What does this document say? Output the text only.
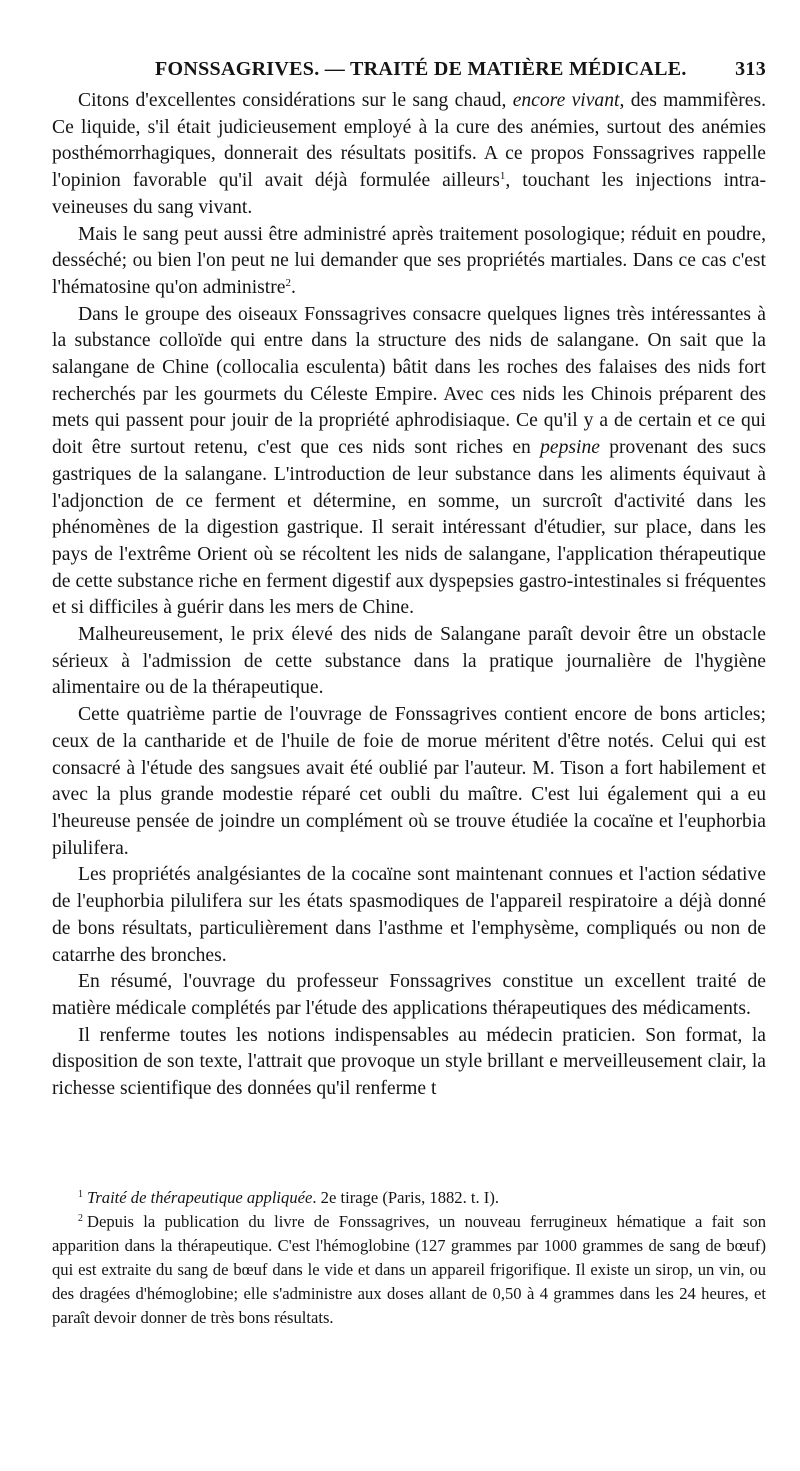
FONSSAGRIVES. — TRAITÉ DE MATIÈRE MÉDICALE. 313

Citons d'excellentes considérations sur le sang chaud, encore vivant, des mammifères. Ce liquide, s'il était judicieusement employé à la cure des anémies, surtout des anémies posthémorrhagiques, donnerait des résultats positifs. A ce propos Fonssagrives rappelle l'opinion favorable qu'il avait déjà formulée ailleurs$^1$, touchant les injections intra-veineuses du sang vivant.

Mais le sang peut aussi être administré après traitement posologique; réduit en poudre, desséché; ou bien l'on peut ne lui demander que ses propriétés martiales. Dans ce cas c'est l'hématosine qu'on administre$^2$.

Dans le groupe des oiseaux Fonssagrives consacre quelques lignes très intéressantes à la substance colloïde qui entre dans la structure des nids de salangane. On sait que la salangane de Chine (collocalia esculenta) bâtit dans les roches des falaises des nids fort recherchés par les gourmets du Céleste Empire. Avec ces nids les Chinois préparent des mets qui passent pour jouir de la propriété aphrodisiaque. Ce qu'il y a de certain et ce qui doit être surtout retenu, c'est que ces nids sont riches en pepsine provenant des sucs gastriques de la salangane. L'introduction de leur substance dans les aliments équivaut à l'adjonction de ce ferment et détermine, en somme, un surcroît d'activité dans les phénomènes de la digestion gastrique. Il serait intéressant d'étudier, sur place, dans les pays de l'extrême Orient où se récoltent les nids de salangane, l'application thérapeutique de cette substance riche en ferment digestif aux dyspepsies gastro-intestinales si fréquentes et si difficiles à guérir dans les mers de Chine.

Malheureusement, le prix élevé des nids de Salangane paraît devoir être un obstacle sérieux à l'admission de cette substance dans la pratique journalière de l'hygiène alimentaire ou de la thérapeutique.

Cette quatrième partie de l'ouvrage de Fonssagrives contient encore de bons articles; ceux de la cantharide et de l'huile de foie de morue méritent d'être notés. Celui qui est consacré à l'étude des sangsues avait été oublié par l'auteur. M. Tison a fort habilement et avec la plus grande modestie réparé cet oubli du maître. C'est lui également qui a eu l'heureuse pensée de joindre un complément où se trouve étudiée la cocaïne et l'euphorbia pilulifera.

Les propriétés analgésiantes de la cocaïne sont maintenant connues et l'action sédative de l'euphorbia pilulifera sur les états spasmodiques de l'appareil respiratoire a déjà donné de bons résultats, particulièrement dans l'asthme et l'emphysème, compliqués ou non de catarrhe des bronches.

En résumé, l'ouvrage du professeur Fonssagrives constitue un excellent traité de matière médicale complétés par l'étude des applications thérapeutiques des médicaments.

Il renferme toutes les notions indispensables au médecin praticien. Son format, la disposition de son texte, l'attrait que provoque un style brillant e merveilleusement clair, la richesse scientifique des données qu'il renferme t

$^1$ Traité de thérapeutique appliquée. 2e tirage (Paris, 1882. t. I).

$^2$ Depuis la publication du livre de Fonssagrives, un nouveau ferrugineux hématique a fait son apparition dans la thérapeutique. C'est l'hémoglobine (127 grammes par 1000 grammes de sang de bœuf) qui est extraite du sang de bœuf dans le vide et dans un appareil frigorifique. Il existe un sirop, un vin, ou des dragées d'hémoglobine; elle s'administre aux doses allant de 0,50 à 4 grammes dans les 24 heures, et paraît devoir donner de très bons résultats.
